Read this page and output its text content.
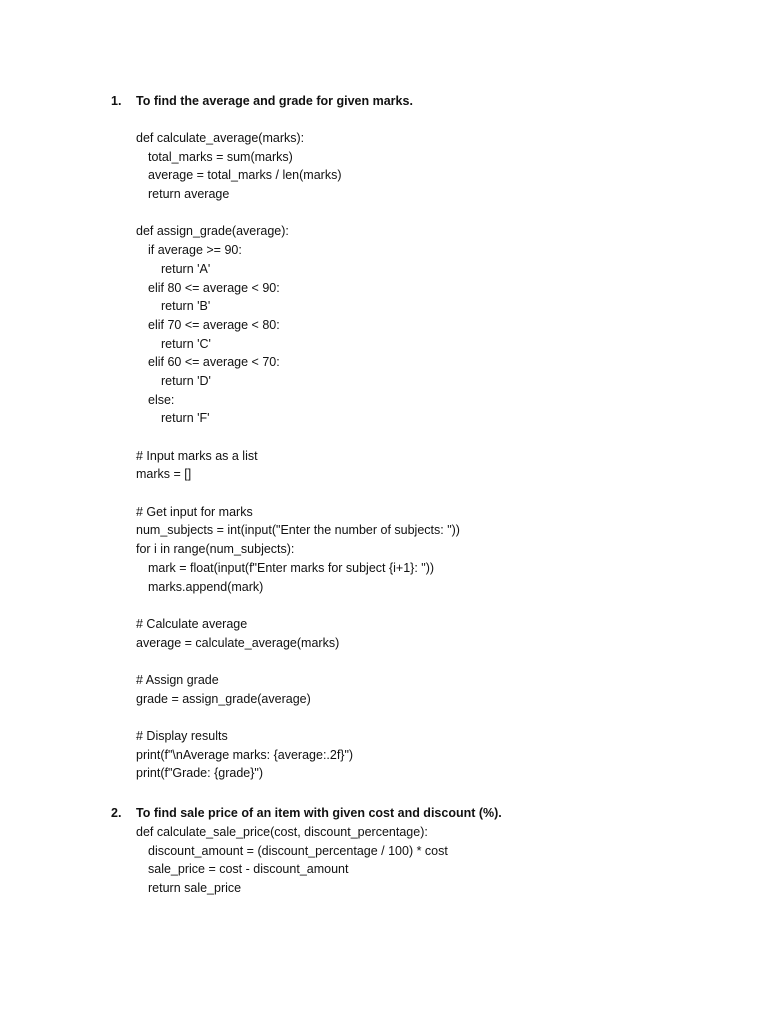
1. To find the average and grade for given marks.
def calculate_average(marks):
total_marks = sum(marks)
average = total_marks / len(marks)
return average
def assign_grade(average):
if average >= 90:
return 'A'
elif 80 <= average < 90:
return 'B'
elif 70 <= average < 80:
return 'C'
elif 60 <= average < 70:
return 'D'
else:
return 'F'
# Input marks as a list
marks = []
# Get input for marks
num_subjects = int(input("Enter the number of subjects: "))
for i in range(num_subjects):
mark = float(input(f"Enter marks for subject {i+1}: "))
marks.append(mark)
# Calculate average
average = calculate_average(marks)
# Assign grade
grade = assign_grade(average)
# Display results
print(f"\nAverage marks: {average:.2f}")
print(f"Grade: {grade}")
2. To find sale price of an item with given cost and discount (%).
def calculate_sale_price(cost, discount_percentage):
discount_amount = (discount_percentage / 100) * cost
sale_price = cost - discount_amount
return sale_price
